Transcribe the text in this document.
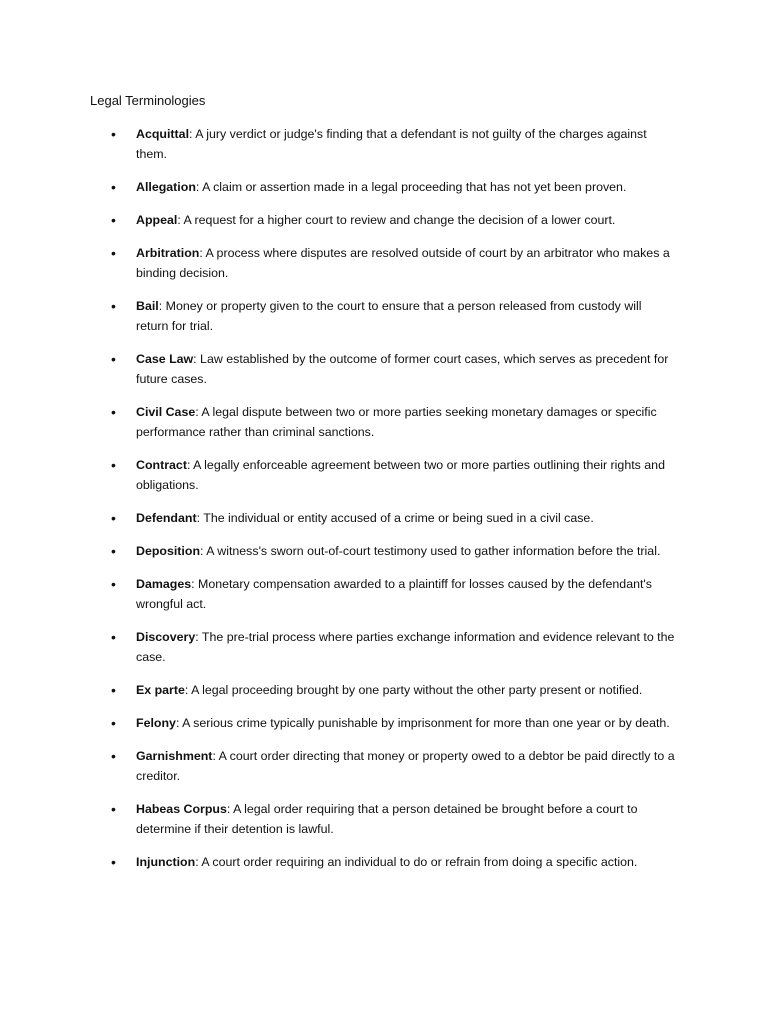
Legal Terminologies
• Acquittal: A jury verdict or judge's finding that a defendant is not guilty of the charges against them.
• Allegation: A claim or assertion made in a legal proceeding that has not yet been proven.
• Appeal: A request for a higher court to review and change the decision of a lower court.
• Arbitration: A process where disputes are resolved outside of court by an arbitrator who makes a binding decision.
• Bail: Money or property given to the court to ensure that a person released from custody will return for trial.
• Case Law: Law established by the outcome of former court cases, which serves as precedent for future cases.
• Civil Case: A legal dispute between two or more parties seeking monetary damages or specific performance rather than criminal sanctions.
• Contract: A legally enforceable agreement between two or more parties outlining their rights and obligations.
• Defendant: The individual or entity accused of a crime or being sued in a civil case.
• Deposition: A witness's sworn out-of-court testimony used to gather information before the trial.
• Damages: Monetary compensation awarded to a plaintiff for losses caused by the defendant's wrongful act.
• Discovery: The pre-trial process where parties exchange information and evidence relevant to the case.
• Ex parte: A legal proceeding brought by one party without the other party present or notified.
• Felony: A serious crime typically punishable by imprisonment for more than one year or by death.
• Garnishment: A court order directing that money or property owed to a debtor be paid directly to a creditor.
• Habeas Corpus: A legal order requiring that a person detained be brought before a court to determine if their detention is lawful.
• Injunction: A court order requiring an individual to do or refrain from doing a specific action.
